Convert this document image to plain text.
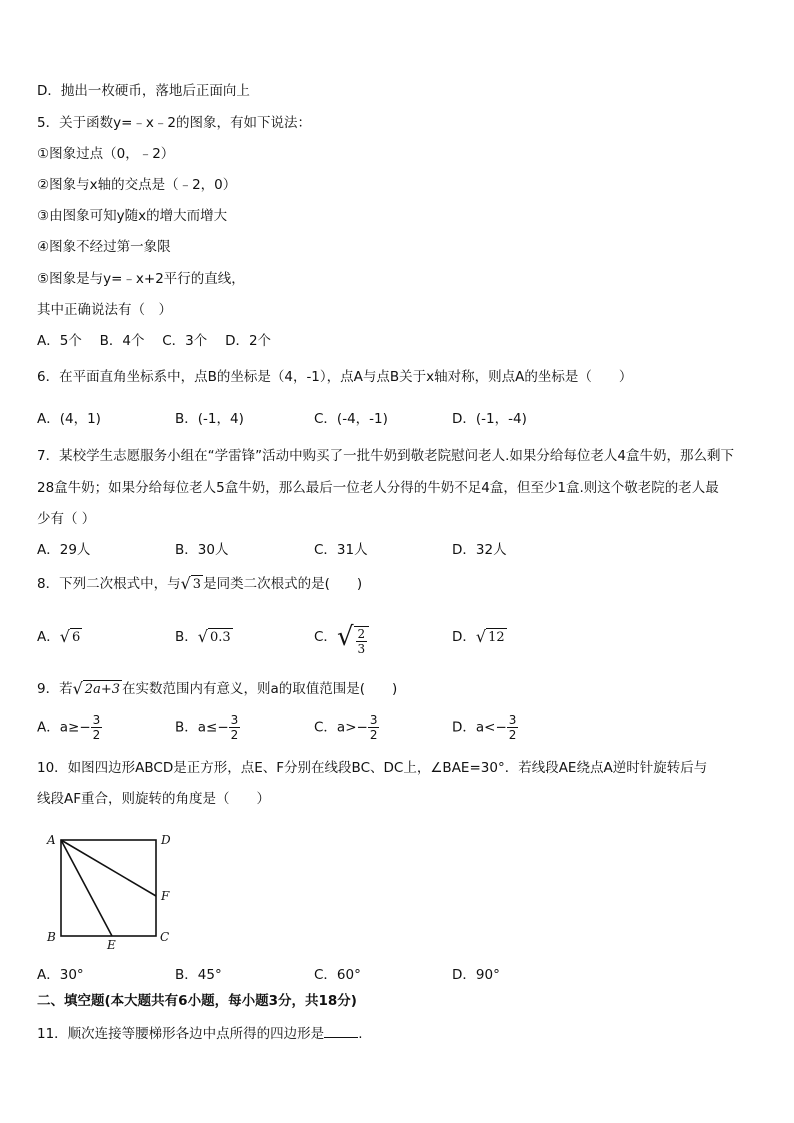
D．抛出一枚硬币，落地后正面向上
5．关于函数y=﹣x﹣2的图象，有如下说法：
①图象过点（0，﹣2）
②图象与x轴的交点是（﹣2，0）
③由图象可知y随x的增大而增大
④图象不经过第一象限
⑤图象是与y=﹣x+2平行的直线，
其中正确说法有（　）
A．5个　 B．4个　 C．3个　 D．2个
6．在平面直角坐标系中，点B的坐标是（4，-1），点A与点B关于x轴对称，则点A的坐标是（　　）
A．(4，1)	B．(-1，4)	C．(-4，-1)	D．(-1，-4)
7．某校学生志愿服务小组在“学雷锋”活动中购买了一批牛奶到敬老院慰问老人.如果分给每位老人4盒牛奶，那么剩下
28盒牛奶；如果分给每位老人5盒牛奶，那么最后一位老人分得的牛奶不足4盒，但至少1盒.则这个敬老院的老人最
少有（ ）
A．29人	B．30人	C．31人	D．32人
8．下列二次根式中，与 √ 3 是同类二次根式的是(　　)
A． √ 6	B． √ 0.3	C． √ $\frac{2}{3}$	D． √ 12
9．若 √ 2a+3 在实数范围内有意义，则a的取值范围是(　　)
A．$a\ge- \frac{3}{2}$	B．$a\le- \frac{3}{2}$	C．$a>- \frac{3}{2}$	D．$a<- \frac{3}{2}$
10．如图四边形ABCD是正方形，点E、F分别在线段BC、DC上，∠BAE=30°．若线段AE绕点A逆时针旋转后与
线段AF重合，则旋转的角度是（　　）
A	D
F
B
E
C
A．30°	B．45°	C．60°	D．90°
二、填空题(本大题共有6小题，每小题3分，共18分)
11．顺次连接等腰梯形各边中点所得的四边形是	.
